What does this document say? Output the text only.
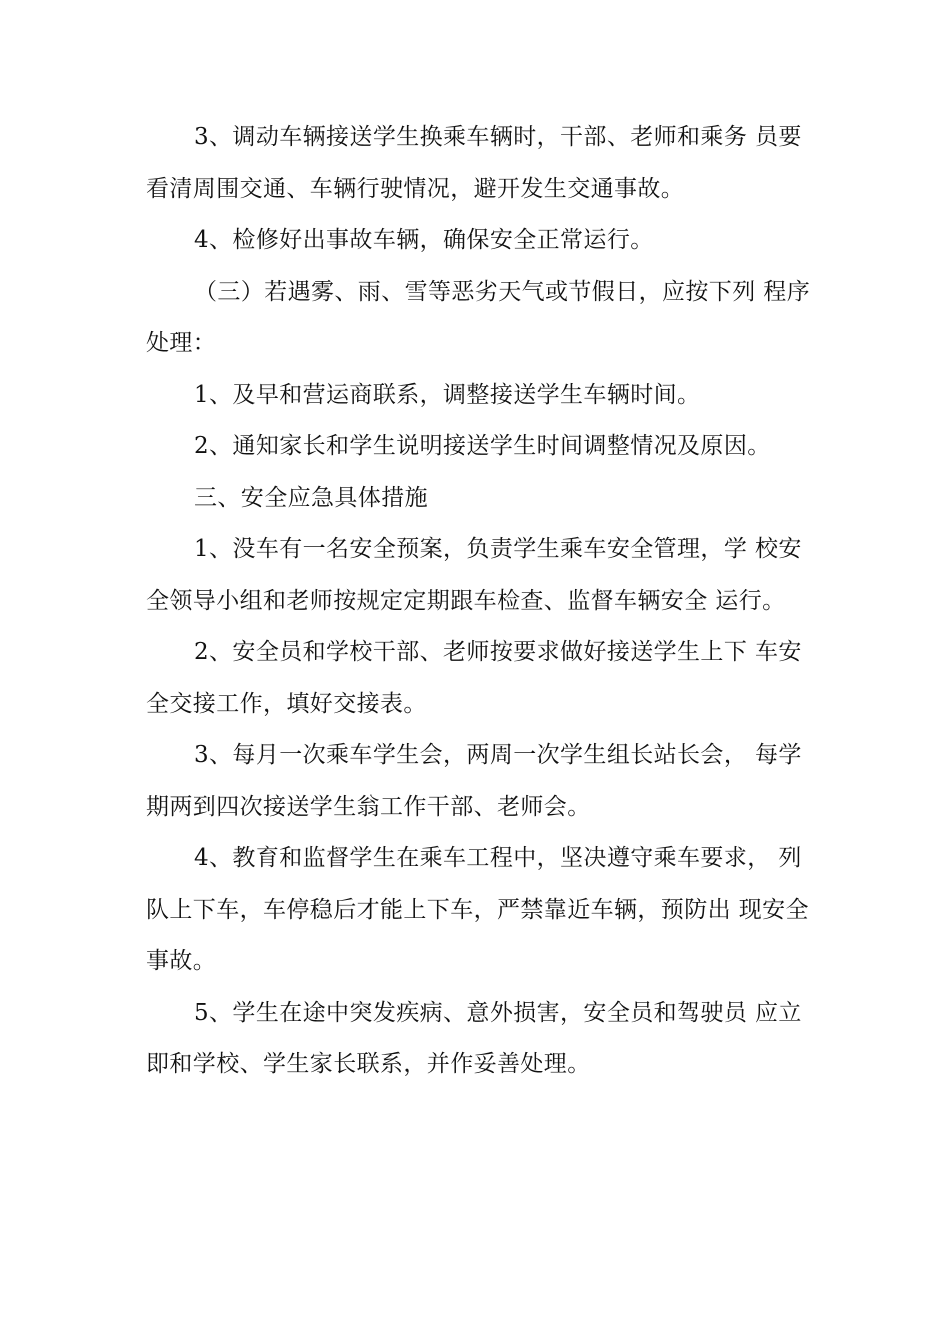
3、调动车辆接送学生换乘车辆时，干部、老师和乘务 员要看清周围交通、车辆行驶情况，避开发生交通事故。

4、检修好出事故车辆，确保安全正常运行。

（三）若遇雾、雨、雪等恶劣天气或节假日，应按下列 程序处理：

1、及早和营运商联系，调整接送学生车辆时间。

2、通知家长和学生说明接送学生时间调整情况及原因。

三、安全应急具体措施

1、没车有一名安全预案，负责学生乘车安全管理，学 校安全领导小组和老师按规定定期跟车检查、监督车辆安全 运行。

2、安全员和学校干部、老师按要求做好接送学生上下 车安全交接工作，填好交接表。

3、每月一次乘车学生会，两周一次学生组长站长会， 每学期两到四次接送学生翁工作干部、老师会。

4、教育和监督学生在乘车工程中，坚决遵守乘车要求， 列队上下车，车停稳后才能上下车，严禁靠近车辆，预防出 现安全事故。

5、学生在途中突发疾病、意外损害，安全员和驾驶员 应立即和学校、学生家长联系，并作妥善处理。
